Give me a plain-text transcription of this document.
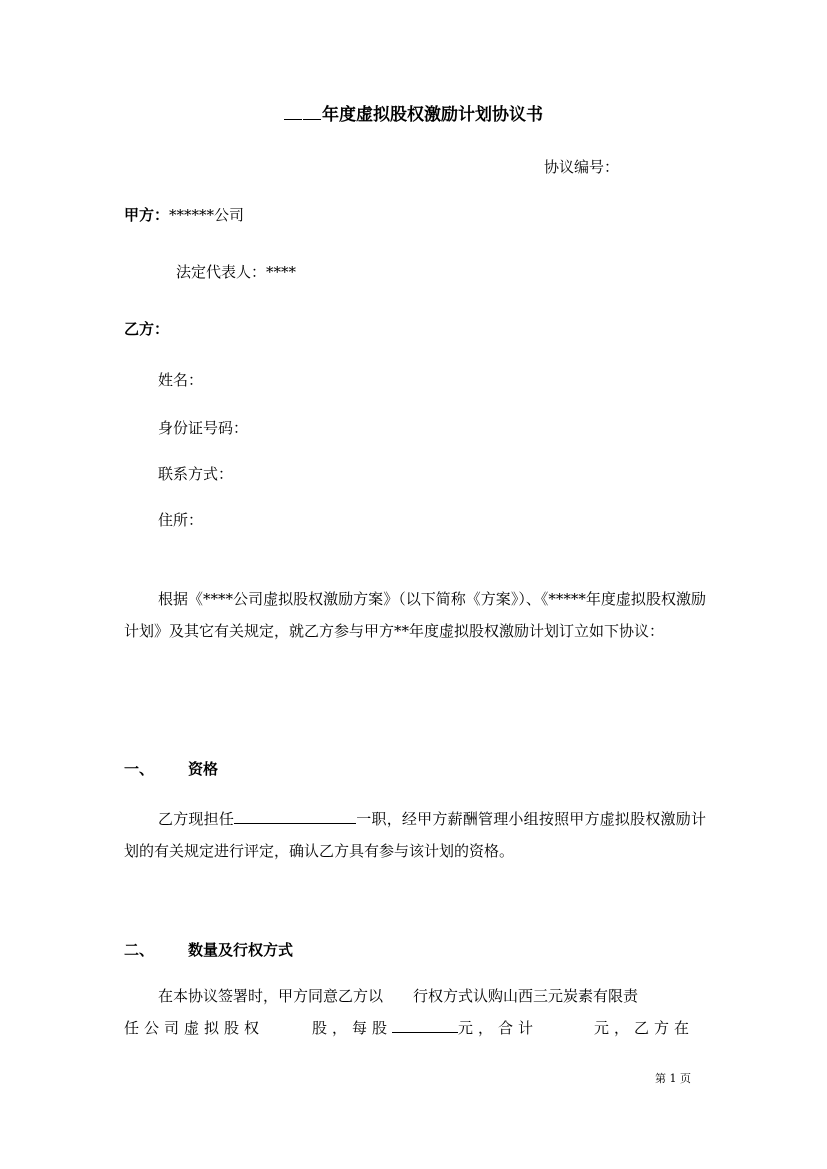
年度虚拟股权激励计划协议书
协议编号：
甲方：******公司
法定代表人：****
乙方：
姓名：
身份证号码：
联系方式：
住所：
根据《****公司虚拟股权激励方案》（以下简称《方案》）、《*****年度虚拟股权激励计划》及其它有关规定，就乙方参与甲方**年度虚拟股权激励计划订立如下协议：
一、 资格
乙方现担任	一职，经甲方薪酬管理小组按照甲方虚拟股权激励计划的有关规定进行评定，确认乙方具有参与该计划的资格。
二、 数量及行权方式
在本协议签署时，甲方同意乙方以 行权方式认购山西三元炭素有限责
任公司虚拟股权	股，每股	元，合计	元，乙方在
第 1 页
